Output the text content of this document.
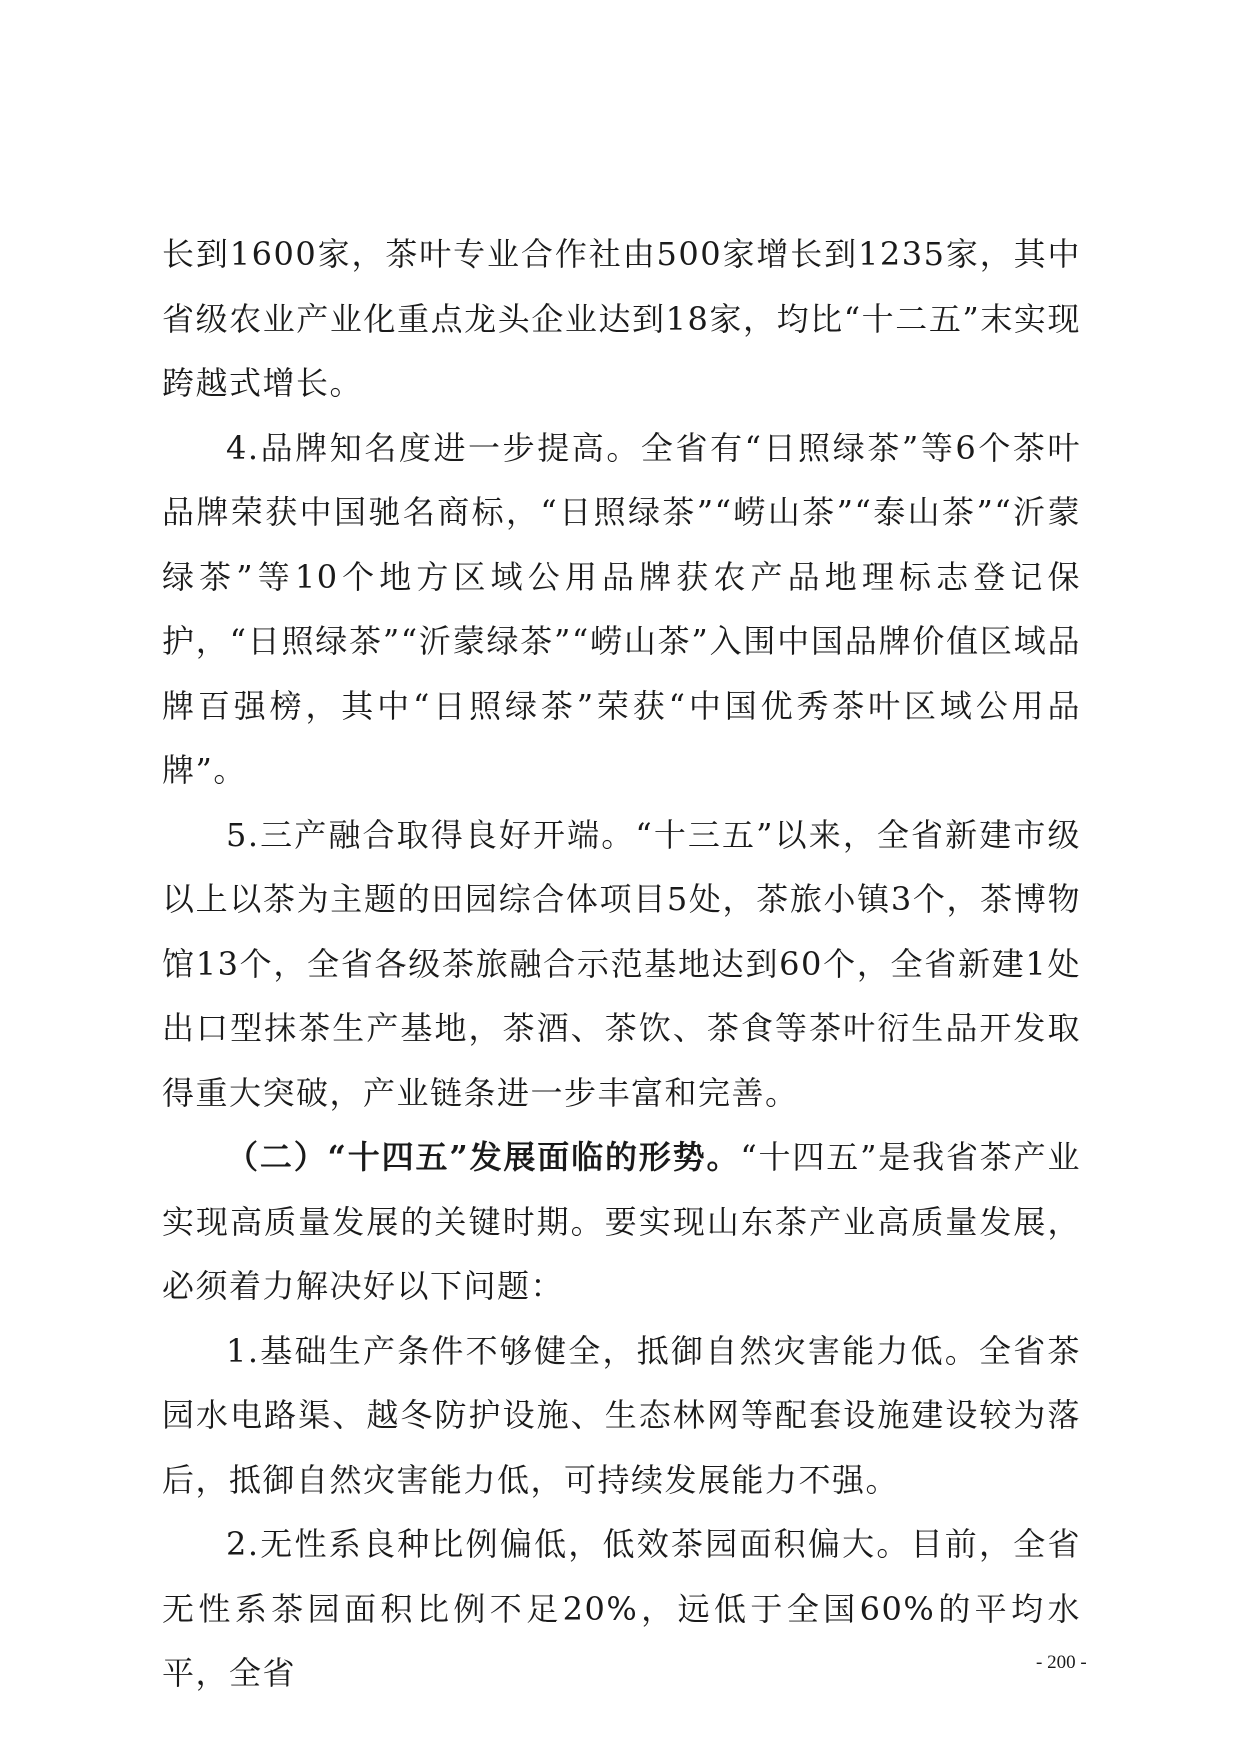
长到1600家，茶叶专业合作社由500家增长到1235家，其中省级农业产业化重点龙头企业达到18家，均比“十二五”末实现跨越式增长。

4.品牌知名度进一步提高。全省有“日照绿茶”等6个茶叶品牌荣获中国驰名商标，“日照绿茶”“崂山茶”“泰山茶”“沂蒙绿茶”等10个地方区域公用品牌获农产品地理标志登记保护，“日照绿茶”“沂蒙绿茶”“崂山茶”入围中国品牌价值区域品牌百强榜，其中“日照绿茶”荣获“中国优秀茶叶区域公用品牌”。

5.三产融合取得良好开端。“十三五”以来，全省新建市级以上以茶为主题的田园综合体项目5处，茶旅小镇3个，茶博物馆13个，全省各级茶旅融合示范基地达到60个，全省新建1处出口型抹茶生产基地，茶酒、茶饮、茶食等茶叶衍生品开发取得重大突破，产业链条进一步丰富和完善。

（二）“十四五”发展面临的形势。“十四五”是我省茶产业实现高质量发展的关键时期。要实现山东茶产业高质量发展，必须着力解决好以下问题：

1.基础生产条件不够健全，抵御自然灾害能力低。全省茶园水电路渠、越冬防护设施、生态林网等配套设施建设较为落后，抵御自然灾害能力低，可持续发展能力不强。

2.无性系良种比例偏低，低效茶园面积偏大。目前，全省无性系茶园面积比例不足20%，远低于全国60%的平均水平，全省	- 200 -
